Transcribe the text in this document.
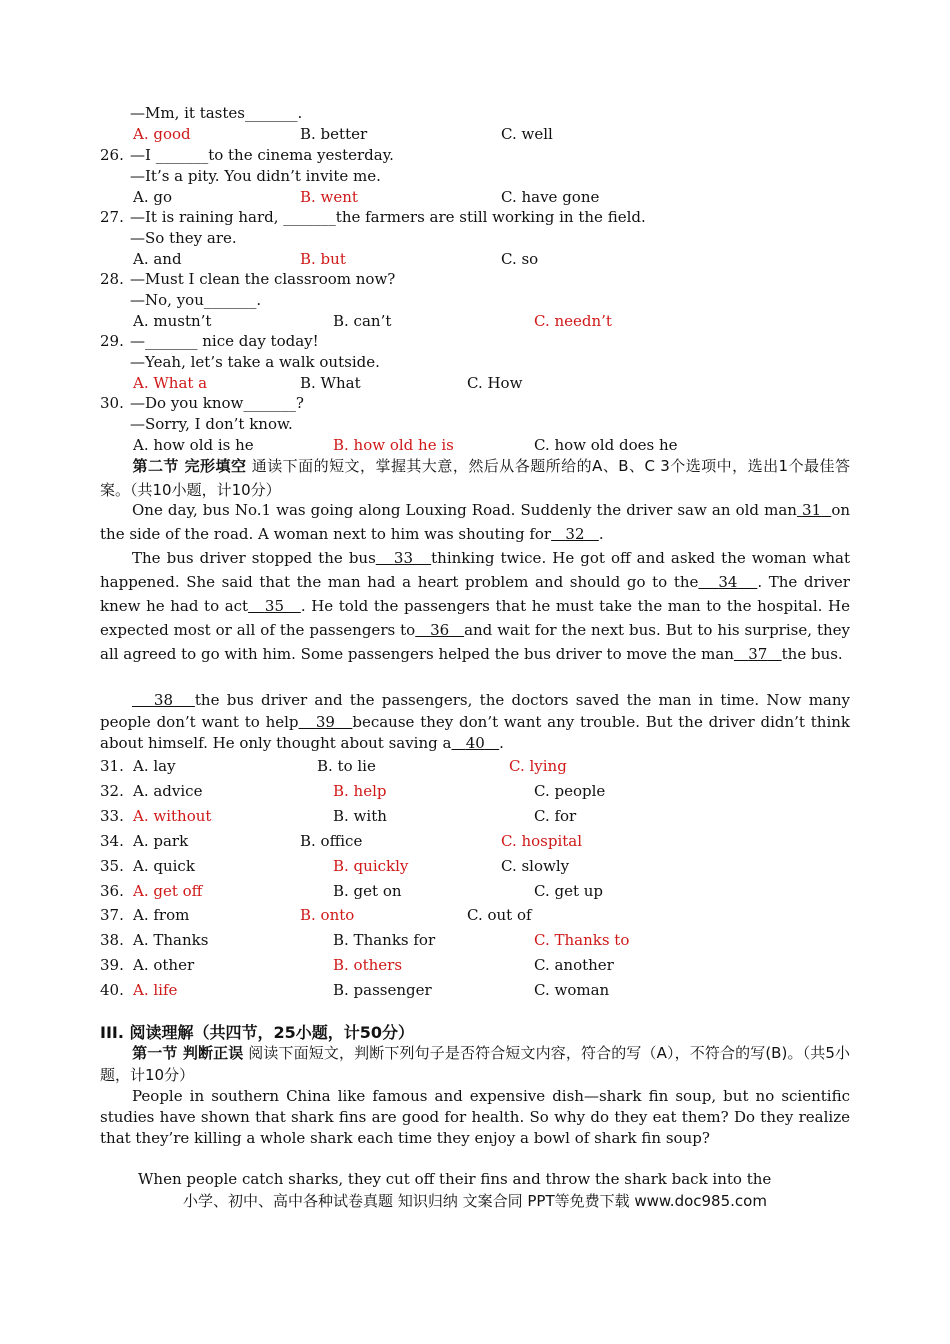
—Mm, it tastes_______.
A. good	B. better	C. well
26. —I _______to the cinema yesterday.
—It’s a pity. You didn’t invite me.
A. go	B. went	C. have gone
27. —It is raining hard, _______the farmers are still working in the field.
—So they are.
A. and	B. but	C. so
28. —Must I clean the classroom now?
—No, you_______.
A. mustn’t	B. can’t	C. needn’t
29. —_______ nice day today!
—Yeah, let’s take a walk outside.
A. What a	B. What	C. How
30. —Do you know_______?
—Sorry, I don’t know.
A. how old is he	B. how old he is	C. how old does he
第二节 完形填空 通读下面的短文，掌握其大意，然后从各题所给的A、B、C 3个选项中，选出1个最佳答案。（共10小题，计10分）
One day, bus No.1 was going along Louxing Road. Suddenly the driver saw an old man 31 on the side of the road. A woman next to him was shouting for 32 .
The bus driver stopped the bus 33 thinking twice. He got off and asked the woman what happened. She said that the man had a heart problem and should go to the 34 . The driver knew he had to act 35 . He told the passengers that he must take the man to the hospital. He expected most or all of the passengers to 36 and wait for the next bus. But to his surprise, they all agreed to go with him. Some passengers helped the bus driver to move the man 37 the bus.
38 the bus driver and the passengers, the doctors saved the man in time. Now many people don’t want to help 39 because they don’t want any trouble. But the driver didn’t think about himself. He only thought about saving a 40 .
31. A. lay	B. to lie	C. lying
32. A. advice	B. help	C. people
33. A. without	B. with	C. for
34. A. park	B. office	C. hospital
35. A. quick	B. quickly	C. slowly
36. A. get off	B. get on	C. get up
37. A. from	B. onto	C. out of
38. A. Thanks	B. Thanks for	C. Thanks to
39. A. other	B. others	C. another
40. A. life	B. passenger	C. woman
III. 阅读理解（共四节，25小题，计50分）
第一节 判断正误 阅读下面短文，判断下列句子是否符合短文内容，符合的写（A），不符合的写(B)。（共5小题，计10分）
People in southern China like famous and expensive dish—shark fin soup, but no scientific studies have shown that shark fins are good for health. So why do they eat them? Do they realize that they’re killing a whole shark each time they enjoy a bowl of shark fin soup?
When people catch sharks, they cut off their fins and throw the shark back into the
小学、初中、高中各种试卷真题 知识归纳 文案合同 PPT等免费下载 www.doc985.com
